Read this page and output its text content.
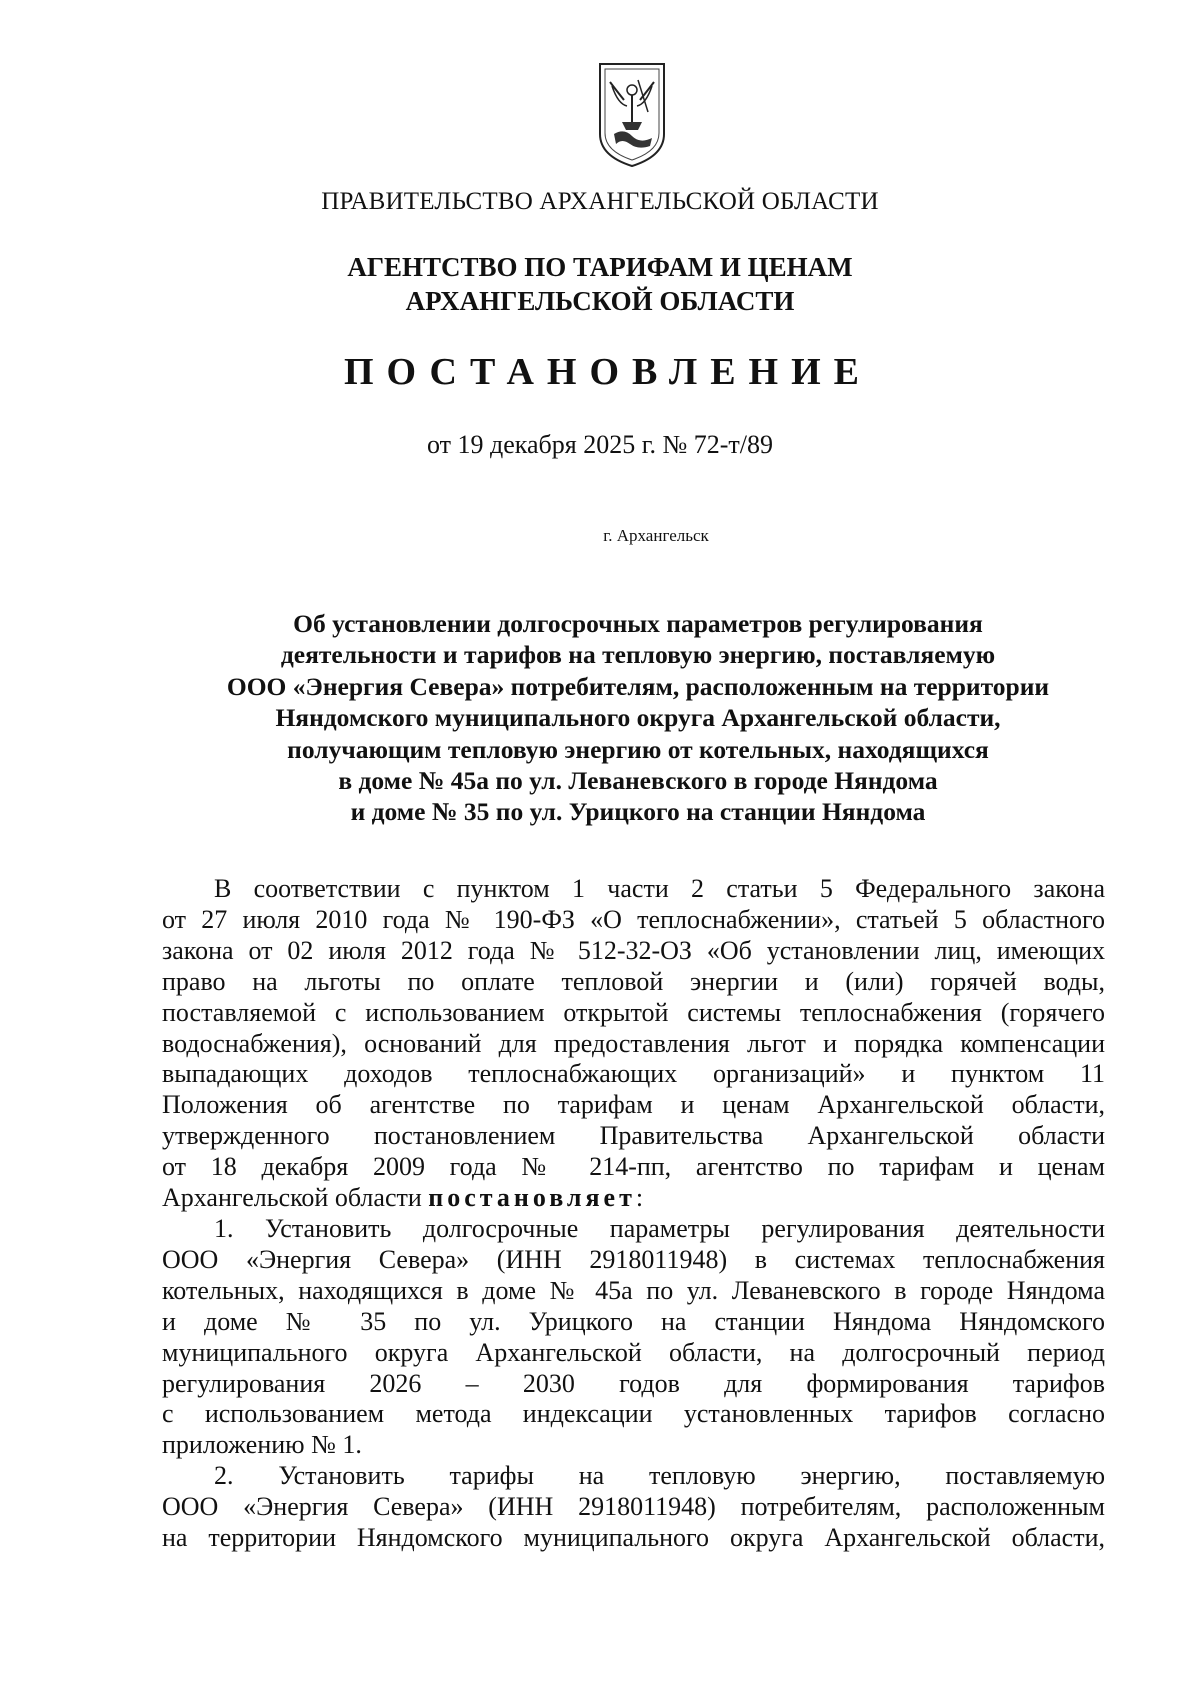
ПРАВИТЕЛЬСТВО АРХАНГЕЛЬСКОЙ ОБЛАСТИ
АГЕНТСТВО ПО ТАРИФАМ И ЦЕНАМ
АРХАНГЕЛЬСКОЙ ОБЛАСТИ
ПОСТАНОВЛЕНИЕ
от 19 декабря 2025 г. № 72-т/89
г. Архангельск
Об установлении долгосрочных параметров регулирования
деятельности и тарифов на тепловую энергию, поставляемую
ООО «Энергия Севера» потребителям, расположенным на территории
Няндомского муниципального округа Архангельской области,
получающим тепловую энергию от котельных, находящихся
в доме № 45а по ул. Леваневского в городе Няндома
и доме № 35 по ул. Урицкого на станции Няндома
В соответствии с пунктом 1 части 2 статьи 5 Федерального закона
от 27 июля 2010 года № 190-ФЗ «О теплоснабжении», статьей 5 областного
закона от 02 июля 2012 года № 512-32-ОЗ «Об установлении лиц, имеющих
право на льготы по оплате тепловой энергии и (или) горячей воды,
поставляемой с использованием открытой системы теплоснабжения (горячего
водоснабжения), оснований для предоставления льгот и порядка компенсации
выпадающих доходов теплоснабжающих организаций» и пунктом 11
Положения об агентстве по тарифам и ценам Архангельской области,
утвержденного постановлением Правительства Архангельской области
от 18 декабря 2009 года № 214-пп, агентство по тарифам и ценам
Архангельской области постановляет:
1. Установить долгосрочные параметры регулирования деятельности
ООО «Энергия Севера» (ИНН 2918011948) в системах теплоснабжения
котельных, находящихся в доме № 45а по ул. Леваневского в городе Няндома
и доме № 35 по ул. Урицкого на станции Няндома Няндомского
муниципального округа Архангельской области, на долгосрочный период
регулирования 2026 – 2030 годов для формирования тарифов
с использованием метода индексации установленных тарифов согласно
приложению № 1.
2. Установить тарифы на тепловую энергию, поставляемую
ООО «Энергия Севера» (ИНН 2918011948) потребителям, расположенным
на территории Няндомского муниципального округа Архангельской области,
